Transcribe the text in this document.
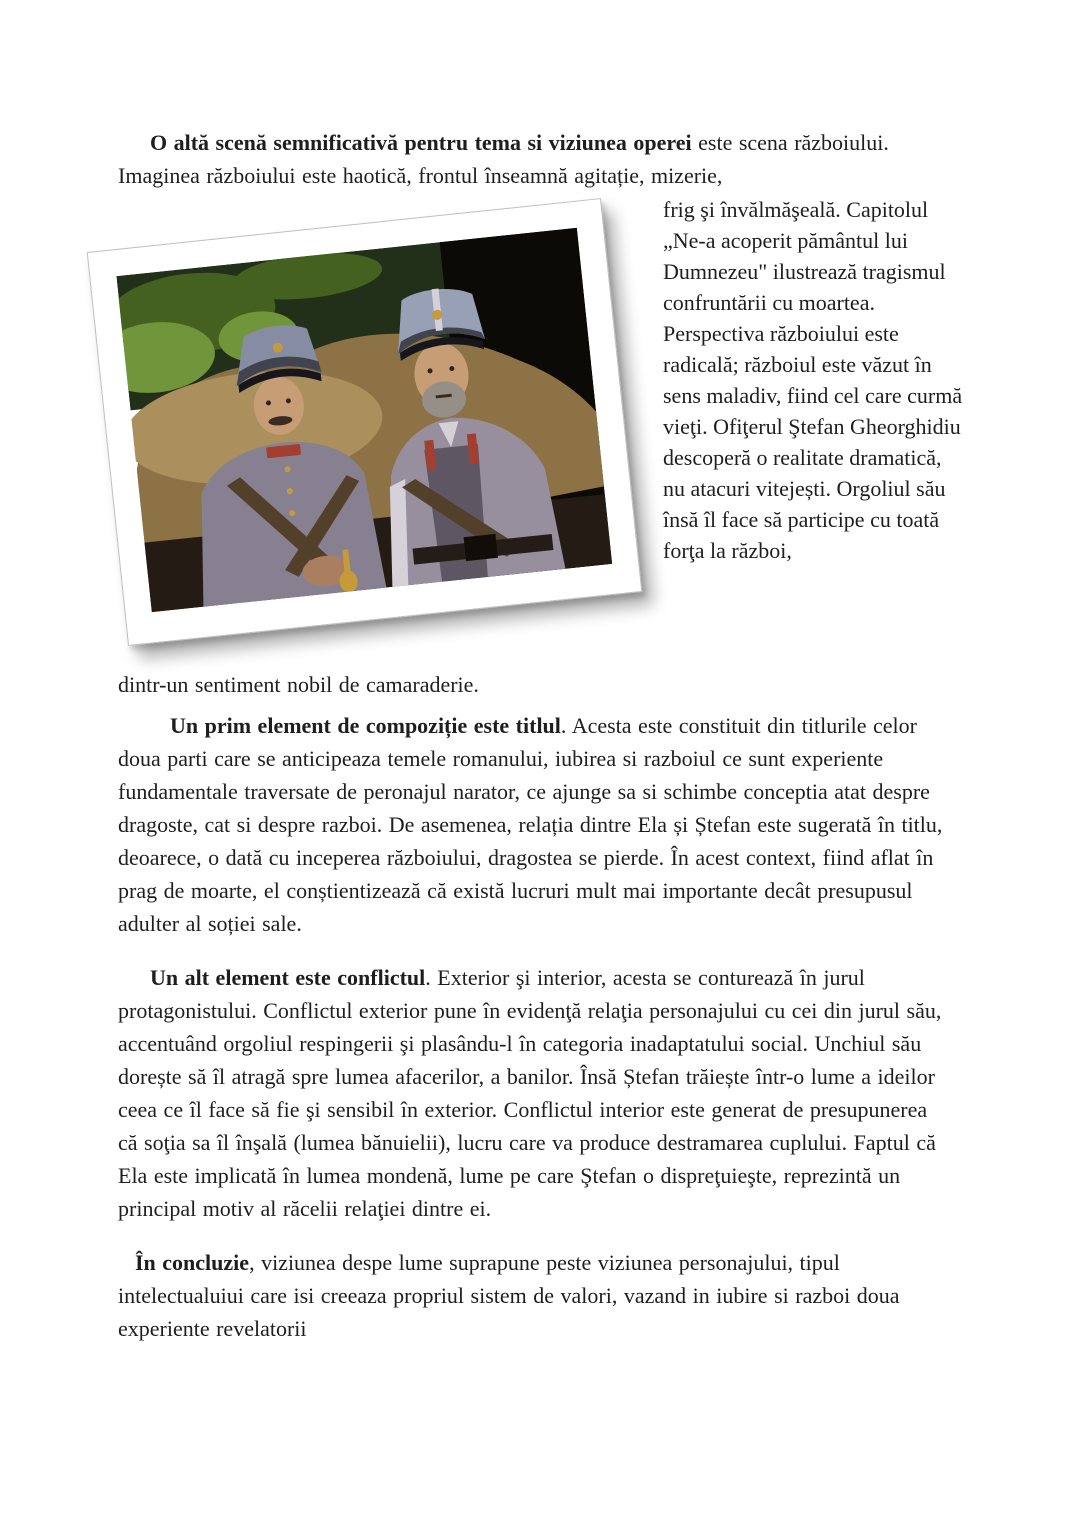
O altă scenă semnificativă pentru tema si viziunea operei este scena războiului. Imaginea războiului este haotică, frontul înseamnă agitație, mizerie,

frig şi învălmăşeală. Capitolul „Ne-a acoperit pământul lui Dumnezeu" ilustrează tragismul confruntării cu moartea. Perspectiva războiului este radicală; războiul este văzut în sens maladiv, fiind cel care curmă vieţi. Ofiţerul Ştefan Gheorghidiu descoperă o realitate dramatică, nu atacuri vitejești. Orgoliul său însă îl face să participe cu toată forţa la război,

dintr-un sentiment nobil de camaraderie.

Un prim element de compoziție este titlul. Acesta este constituit din titlurile celor doua parti care se anticipeaza temele romanului, iubirea si razboiul ce sunt experiente fundamentale traversate de peronajul narator, ce ajunge sa si schimbe conceptia atat despre dragoste, cat si despre razboi. De asemenea, relația dintre Ela și Ștefan este sugerată în titlu, deoarece, o dată cu inceperea războiului, dragostea se pierde. În acest context, fiind aflat în prag de moarte, el conștientizează că există lucruri mult mai importante decât presupusul adulter al soției sale.

Un alt element este conflictul. Exterior şi interior, acesta se conturează în jurul protagonistului. Conflictul exterior pune în evidenţă relaţia personajului cu cei din jurul său, accentuând orgoliul respingerii şi plasându-l în categoria inadaptatului social. Unchiul său dorește să îl atragă spre lumea afacerilor, a banilor. Însă Ștefan trăiește într-o lume a ideilor ceea ce îl face să fie şi sensibil în exterior. Conflictul interior este generat de presupunerea că soţia sa îl înşală (lumea bănuielii), lucru care va produce destramarea cuplului. Faptul că Ela este implicată în lumea mondenă, lume pe care Ştefan o dispreţuieşte, reprezintă un principal motiv al răcelii relaţiei dintre ei.

În concluzie, viziunea despe lume suprapune peste viziunea personajului, tipul intelectualuiui care isi creeaza propriul sistem de valori, vazand in iubire si razboi doua experiente revelatorii
